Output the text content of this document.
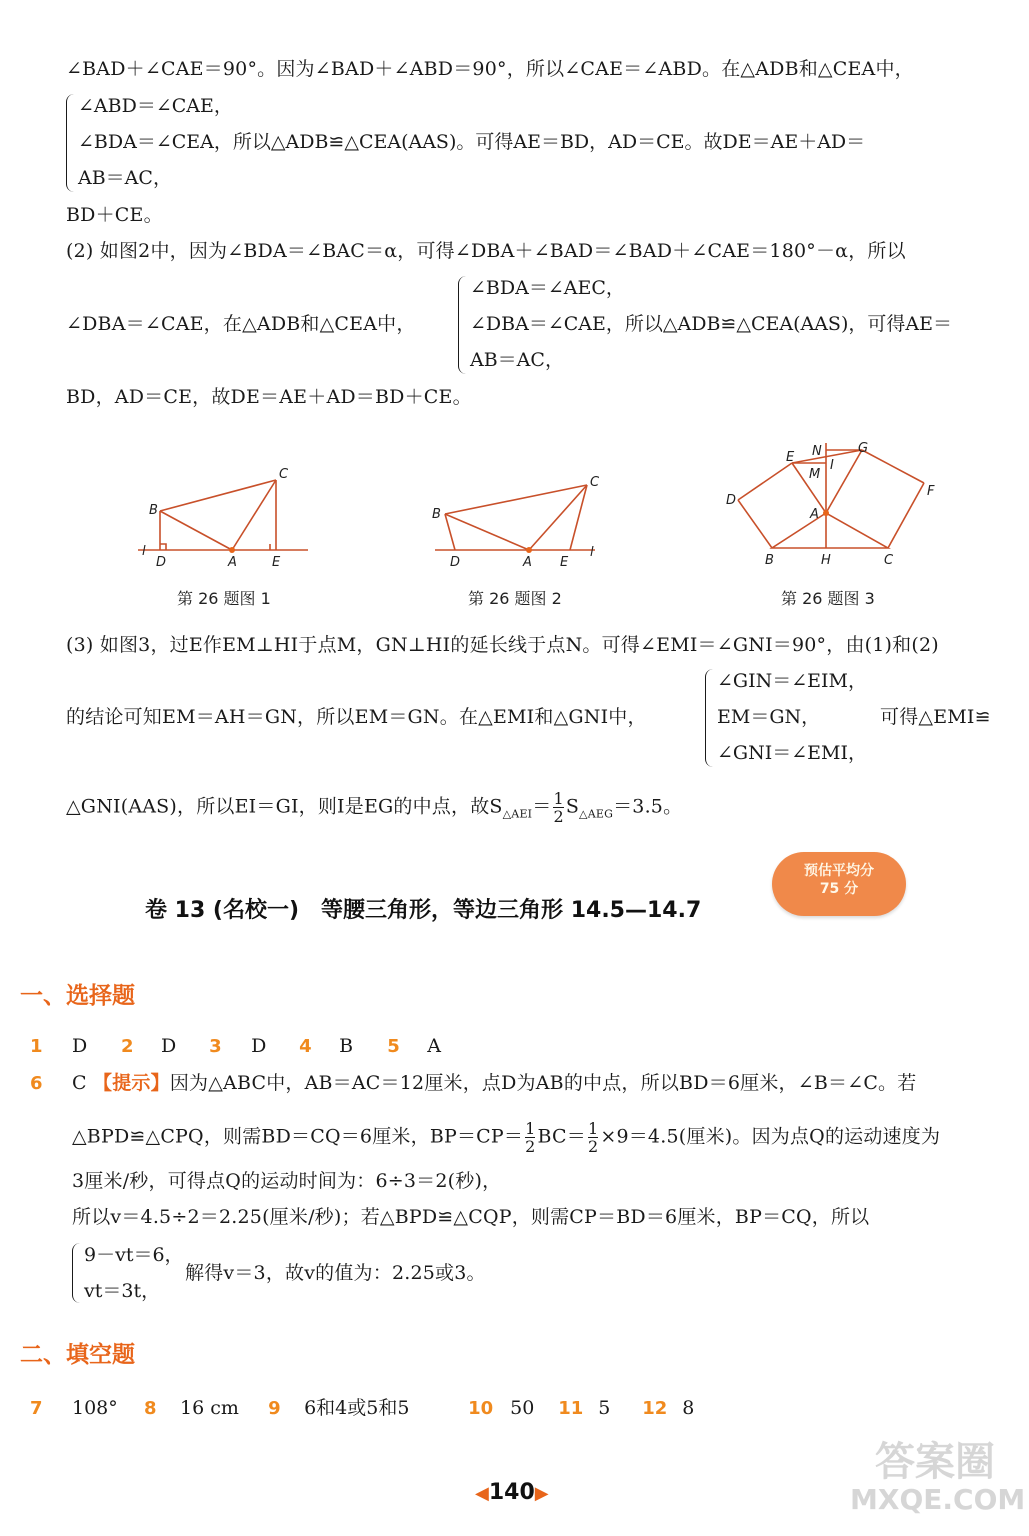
∠BAD＋∠CAE＝90°。因为∠BAD＋∠ABD＝90°，所以∠CAE＝∠ABD。在△ADB和△CEA中，
∠ABD＝∠CAE，
∠BDA＝∠CEA，所以△ADB≌△CEA(AAS)。可得AE＝BD，AD＝CE。故DE＝AE＋AD＝
AB＝AC，
BD＋CE。
(2) 如图2中，因为∠BDA＝∠BAC＝α，可得∠DBA＋∠BAD＝∠BAD＋∠CAE＝180°－α，所以
∠DBA＝∠CAE，在△ADB和△CEA中，
∠BDA＝∠AEC，
∠DBA＝∠CAE，所以△ADB≌△CEA(AAS)，可得AE＝
AB＝AC，
BD，AD＝CE，故DE＝AE＋AD＝BD＋CE。
C
B
l
D	A	E
第 26 题图 1
C
B
D	A E
l
第 26 题图 2
N	G
E
M
I
D
F
A
B	H	C
第 26 题图 3
(3) 如图3，过E作EM⊥HI于点M，GN⊥HI的延长线于点N。可得∠EMI＝∠GNI＝90°，由(1)和(2)
的结论可知EM＝AH＝GN，所以EM＝GN。在△EMI和△GNI中，
∠GIN＝∠EIM，
EM＝GN，
∠GNI＝∠EMI，
可得△EMI≌
△GNI(AAS)，所以EI＝GI，则I是EG的中点，故$S_{\triangle AEI}= \frac{1}{2} S_{\triangle AEG}=3.5$。
卷 13 (名校一)　等腰三角形，等边三角形 14.5—14.7
预估平均分
75 分
一、选择题
1 D 2 D 3 D 4 B 5 A
6 C 【提示】因为△ABC中，AB＝AC＝12厘米，点D为AB的中点，所以BD＝6厘米，∠B＝∠C。若
△BPD≌△CPQ，则需BD＝CQ＝6厘米，$BP=CP= \frac{1}{2} BC= \frac{1}{2} \times 9=4.5$(厘米)。因为点Q的运动速度为
3厘米/秒，可得点Q的运动时间为：6÷3＝2(秒)，
所以v＝4.5÷2＝2.25(厘米/秒)；若△BPD≌△CQP，则需CP＝BD＝6厘米，BP＝CQ，所以
9－vt＝6，
vt＝3t，
解得v＝3，故v的值为：2.25或3。
二、填空题
7 108° 8 16 cm 9 6和4或5和5	10 50 11 5 12 8
◀140▶
答案圈
MXQE.COM
